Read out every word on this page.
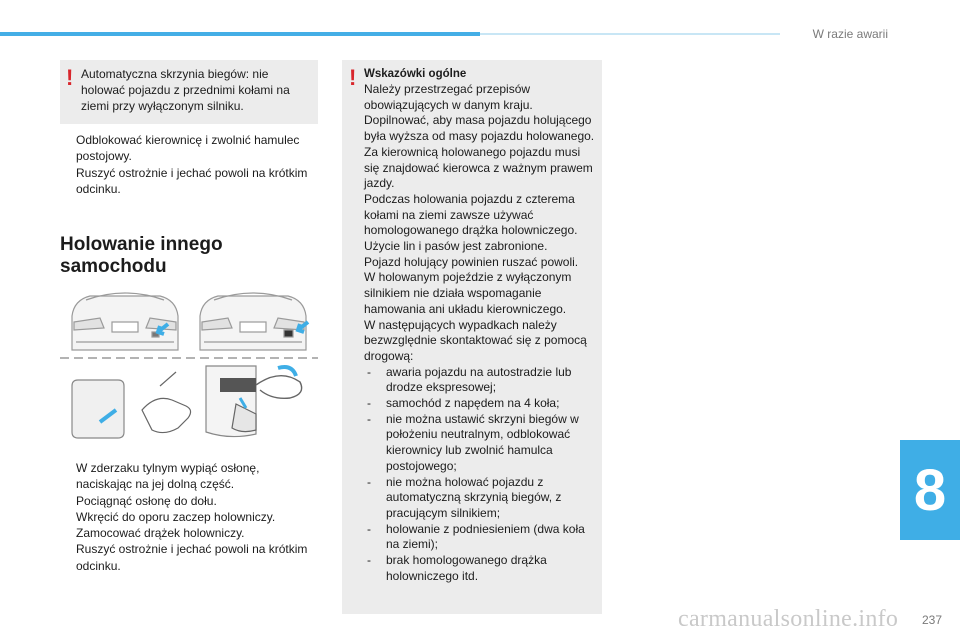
W razie awarii
! Automatyczna skrzynia biegów: nie
holować pojazdu z przednimi kołami na
ziemi przy wyłączonym silniku.
Odblokować kierownicę i zwolnić hamulec postojowy.
Ruszyć ostrożnie i jechać powoli na krótkim odcinku.
Holowanie innego samochodu
W zderzaku tylnym wypiąć osłonę, naciskając na jej dolną część.
Pociągnąć osłonę do dołu.
Wkręcić do oporu zaczep holowniczy.
Zamocować drążek holowniczy.
Ruszyć ostrożnie i jechać powoli na krótkim odcinku.
! Wskazówki ogólne

Należy przestrzegać przepisów obowiązujących w danym kraju.

Dopilnować, aby masa pojazdu holującego była wyższa od masy pojazdu holowanego.

Za kierownicą holowanego pojazdu musi się znajdować kierowca z ważnym prawem jazdy.

Podczas holowania pojazdu z czterema kołami na ziemi zawsze używać homologowanego drążka holowniczego. Użycie lin i pasów jest zabronione.

Pojazd holujący powinien ruszać powoli.

W holowanym pojeździe z wyłączonym silnikiem nie działa wspomaganie hamowania ani układu kierowniczego.

W następujących wypadkach należy bezwzględnie skontaktować się z pomocą drogową:

- awaria pojazdu na autostradzie lub drodze ekspresowej;
- samochód z napędem na 4 koła;
- nie można ustawić skrzyni biegów w położeniu neutralnym, odblokować kierownicy lub zwolnić hamulca postojowego;
- nie można holować pojazdu z automatyczną skrzynią biegów, z pracującym silnikiem;
- holowanie z podniesieniem (dwa koła na ziemi);
- brak homologowanego drążka holowniczego itd.
8
237
carmanualsonline.info
